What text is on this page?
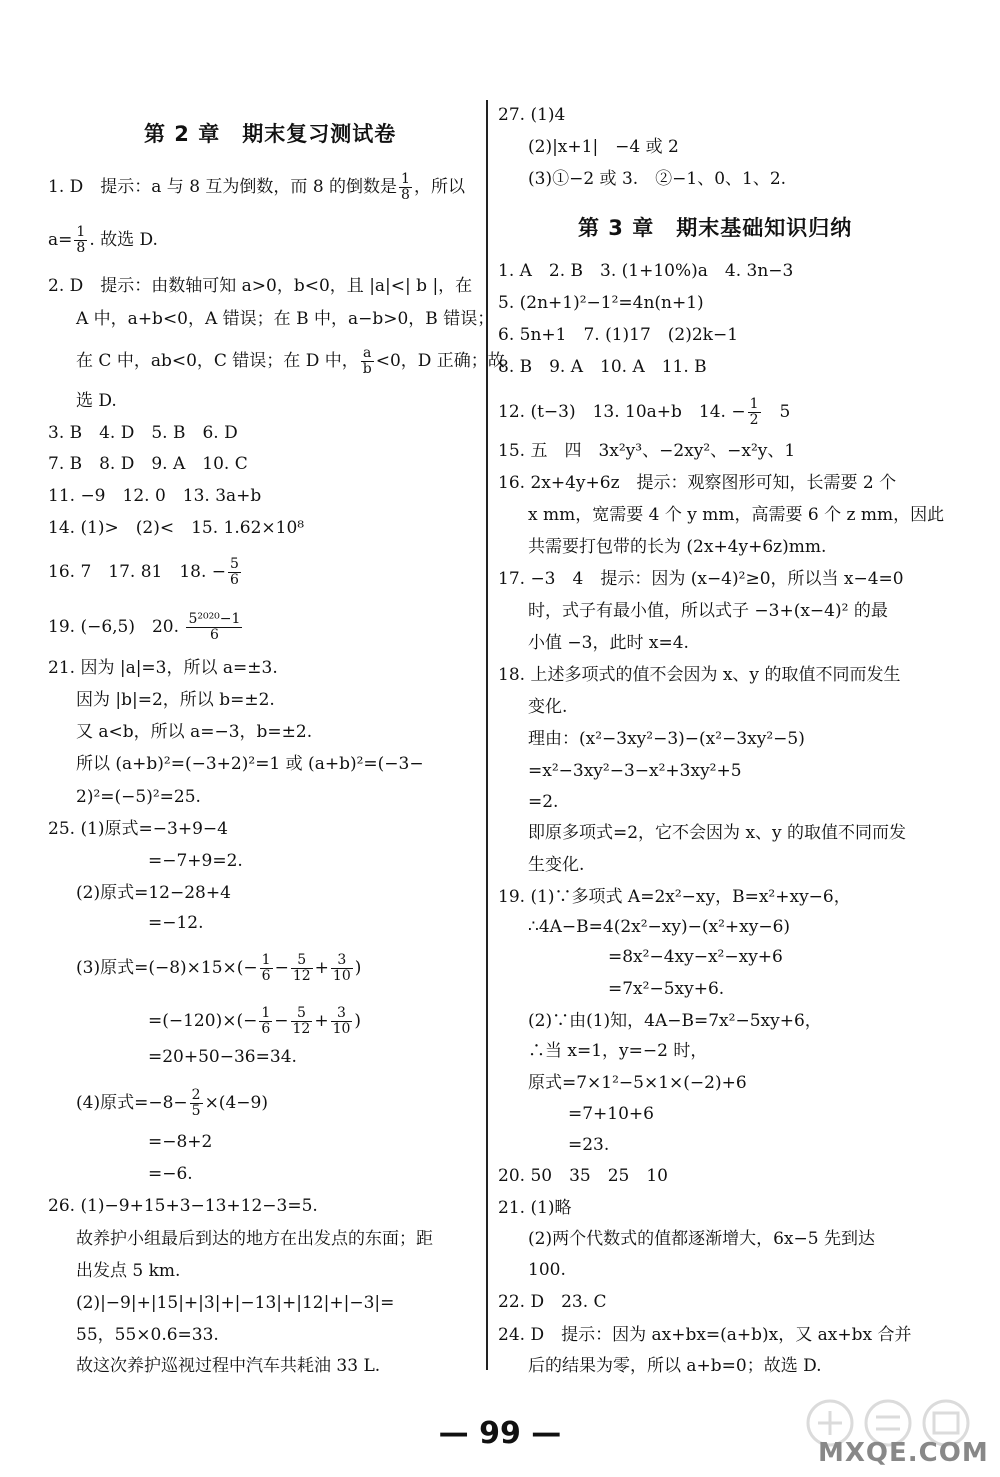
第 2 章　期末复习测试卷
1. D　提示：a 与 8 互为倒数，而 8 的倒数是 $\frac{1}{8}$ ，所以
$a= \frac{1}{8}$ . 故选 D.
2. D　提示：由数轴可知 a>0，b<0，且 |a|<| b |，在
A 中，a+b<0，A 错误；在 B 中，a−b>0，B 错误；
在 C 中，ab<0，C 错误；在 D 中， $\frac{a}{b} <0$，D 正确；故
选 D.
3. B　4. D　5. B　6. D
7. B　8. D　9. A　10. C
11. −9　12. 0　13. 3a+b
14. (1)>　(2)<　15. 1.62×10⁸
16. 7　17. 81　18. − $\frac{5}{6}$
19. (−6,5)　20. $\frac{\text{5²⁰²⁰−1}}{6}$
21. 因为 |a|=3，所以 a=±3.
因为 |b|=2，所以 b=±2.
又 a<b，所以 a=−3，b=±2.
所以 (a+b)²=(−3+2)²=1 或 (a+b)²=(−3−
2)²=(−5)²=25.
25. (1)原式=−3+9−4
=−7+9=2.
(2)原式=12−28+4
=−12.
(3)原式$=(-8)\times 15\times(- \frac{1}{6} - \frac{5}{12} + \frac{3}{10}$ )
$=(-120)\times(- \frac{1}{6} - \frac{5}{12} + \frac{3}{10}$ )
=20+50−36=34.
(4)原式$=-8- \frac{2}{5} \times(4-9)$
=−8+2
=−6.
26. (1)−9+15+3−13+12−3=5.
故养护小组最后到达的地方在出发点的东面；距
出发点 5 km.
(2)|−9|+|15|+|3|+|−13|+|12|+|−3|=
55，55×0.6=33.
故这次养护巡视过程中汽车共耗油 33 L.
27. (1)4
(2)|x+1|　−4 或 2
(3)①−2 或 3.　②−1、0、1、2.
第 3 章　期末基础知识归纳
1. A　2. B　3. (1+10%)a　4. 3n−3
5. (2n+1)²−1²=4n(n+1)
6. 5n+1　7. (1)17　(2)2k−1
8. B　9. A　10. A　11. B
12. (t−3)　13. 10a+b　14. − $\frac{1}{2}$ 　5
15. 五　四　3x²y³、−2xy²、−x²y、1
16. 2x+4y+6z　提示：观察图形可知，长需要 2 个
x mm，宽需要 4 个 y mm，高需要 6 个 z mm，因此
共需要打包带的长为 (2x+4y+6z)mm.
17. −3　4　提示：因为 (x−4)²≥0，所以当 x−4=0
时，式子有最小值，所以式子 −3+(x−4)² 的最
小值 −3，此时 x=4.
18. 上述多项式的值不会因为 x、y 的取值不同而发生
变化.
理由：(x²−3xy²−3)−(x²−3xy²−5)
=x²−3xy²−3−x²+3xy²+5
=2.
即原多项式=2，它不会因为 x、y 的取值不同而发
生变化.
19. (1)∵多项式 A=2x²−xy，B=x²+xy−6，
∴4A−B=4(2x²−xy)−(x²+xy−6)
=8x²−4xy−x²−xy+6
=7x²−5xy+6.
(2)∵由(1)知，4A−B=7x²−5xy+6，
∴当 x=1，y=−2 时，
原式=7×1²−5×1×(−2)+6
=7+10+6
=23.
20. 50　35　25　10
21. (1)略
(2)两个代数式的值都逐渐增大，6x−5 先到达
100.
22. D　23. C
24. D　提示：因为 ax+bx=(a+b)x，又 ax+bx 合并
后的结果为零，所以 a+b=0；故选 D.
— 99 —
MXQE.COM
